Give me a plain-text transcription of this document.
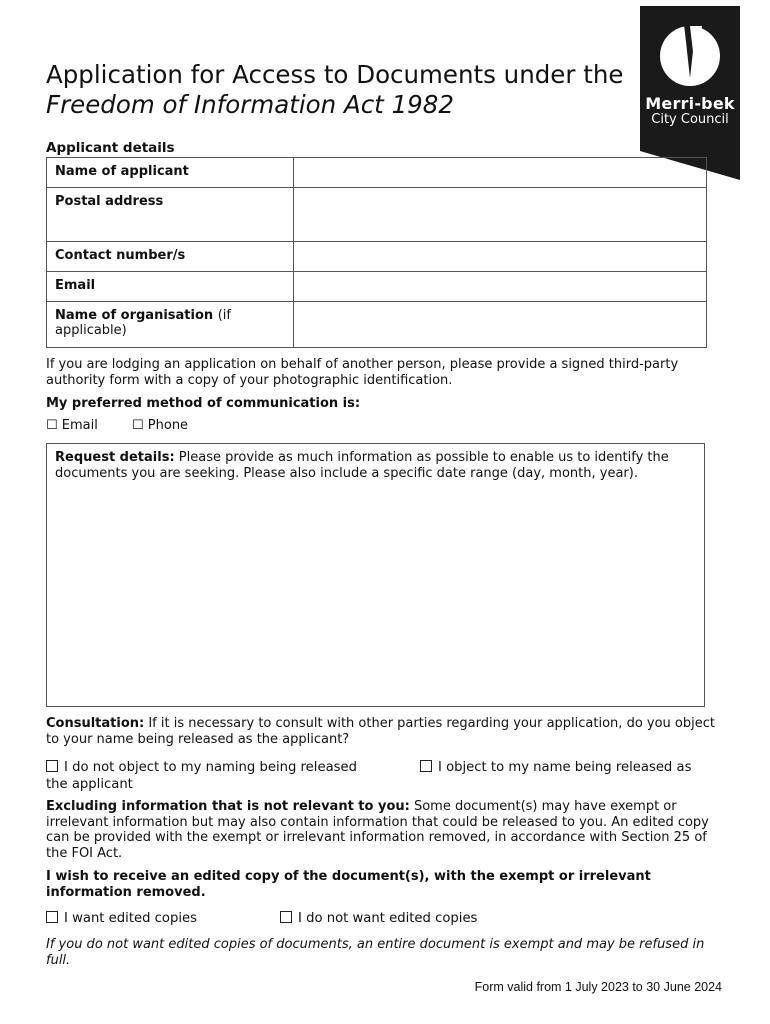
Merri-bek
City Council
Application for Access to Documents under the
Freedom of Information Act 1982
Applicant details
Name of applicant	
Postal address	
Contact number/s	
Email	
Name of organisation (if applicable)	
If you are lodging an application on behalf of another person, please provide a signed third-party authority form with a copy of your photographic identification.
My preferred method of communication is:
☐ Email	☐ Phone
Request details: Please provide as much information as possible to enable us to identify the documents you are seeking. Please also include a specific date range (day, month, year).
Consultation: If it is necessary to consult with other parties regarding your application, do you object to your name being released as the applicant?
I do not object to my naming being released	I object to my name being released as
the applicant
Excluding information that is not relevant to you: Some document(s) may have exempt or irrelevant information but may also contain information that could be released to you. An edited copy can be provided with the exempt or irrelevant information removed, in accordance with Section 25 of the FOI Act.
I wish to receive an edited copy of the document(s), with the exempt or irrelevant information removed.
I want edited copies	I do not want edited copies
If you do not want edited copies of documents, an entire document is exempt and may be refused in full.
Form valid from 1 July 2023 to 30 June 2024
